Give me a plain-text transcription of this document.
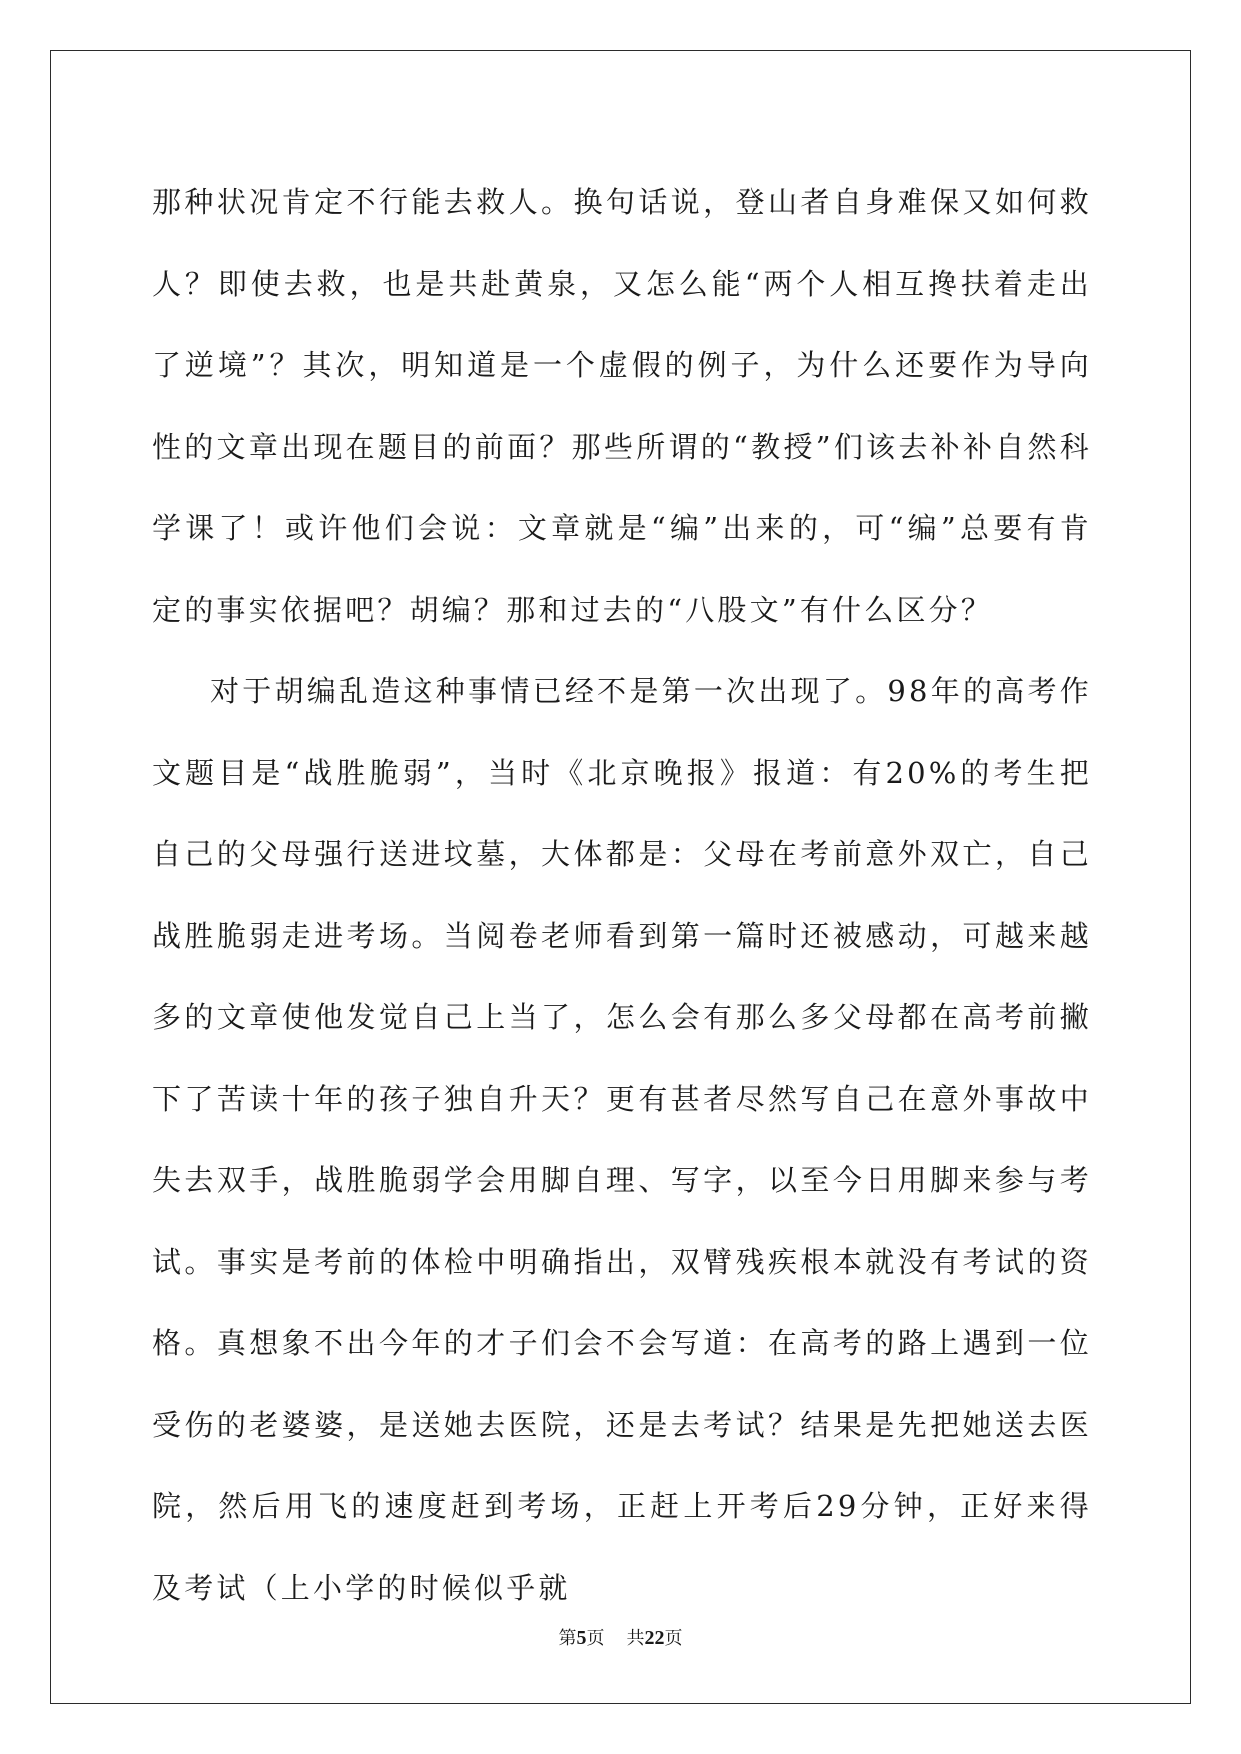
那种状况肯定不行能去救人。换句话说，登山者自身难保又如何救人？即使去救，也是共赴黄泉，又怎么能“两个人相互搀扶着走出了逆境”？其次，明知道是一个虚假的例子，为什么还要作为导向性的文章出现在题目的前面？那些所谓的“教授”们该去补补自然科学课了！或许他们会说：文章就是“编”出来的，可“编”总要有肯定的事实依据吧？胡编？那和过去的“八股文”有什么区分？

对于胡编乱造这种事情已经不是第一次出现了。98年的高考作文题目是“战胜脆弱”，当时《北京晚报》报道：有20%的考生把自己的父母强行送进坟墓，大体都是：父母在考前意外双亡，自己战胜脆弱走进考场。当阅卷老师看到第一篇时还被感动，可越来越多的文章使他发觉自己上当了，怎么会有那么多父母都在高考前撇下了苦读十年的孩子独自升天？更有甚者尽然写自己在意外事故中失去双手，战胜脆弱学会用脚自理、写字，以至今日用脚来参与考试。事实是考前的体检中明确指出，双臂残疾根本就没有考试的资格。真想象不出今年的才子们会不会写道：在高考的路上遇到一位受伤的老婆婆，是送她去医院，还是去考试？结果是先把她送去医院，然后用飞的速度赶到考场，正赶上开考后29分钟，正好来得及考试（上小学的时候似乎就

第5页 共22页
